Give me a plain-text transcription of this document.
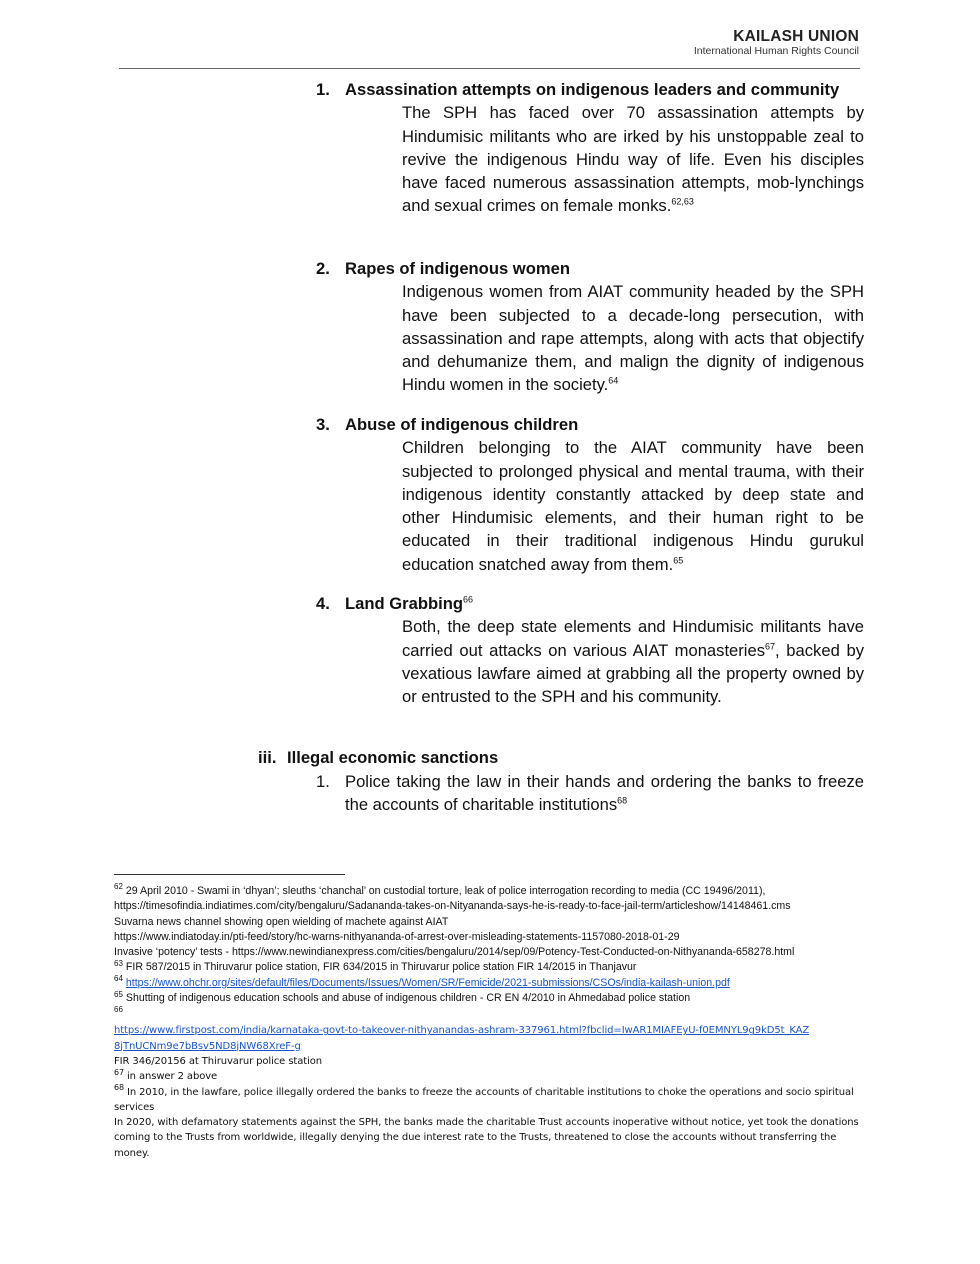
KAILASH UNION
International Human Rights Council
1. Assassination attempts on indigenous leaders and community

The SPH has faced over 70 assassination attempts by Hindumisic militants who are irked by his unstoppable zeal to revive the indigenous Hindu way of life. Even his disciples have faced numerous assassination attempts, mob-lynchings and sexual crimes on female monks.$^{62,63}$

2. Rapes of indigenous women

Indigenous women from AIAT community headed by the SPH have been subjected to a decade-long persecution, with assassination and rape attempts, along with acts that objectify and dehumanize them, and malign the dignity of indigenous Hindu women in the society.$^{64}$

3. Abuse of indigenous children

Children belonging to the AIAT community have been subjected to prolonged physical and mental trauma, with their indigenous identity constantly attacked by deep state and other Hindumisic elements, and their human right to be educated in their traditional indigenous Hindu gurukul education snatched away from them.$^{65}$

4. Land Grabbing$^{66}$

Both, the deep state elements and Hindumisic militants have carried out attacks on various AIAT monasteries$^{67}$, backed by vexatious lawfare aimed at grabbing all the property owned by or entrusted to the SPH and his community.

iii. Illegal economic sanctions
1. Police taking the law in their hands and ordering the banks to freeze the accounts of charitable institutions$^{68}$
$^{62}$ 29 April 2010 - Swami in ‘dhyan’; sleuths ‘chanchal’ on custodial torture, leak of police interrogation recording to media (CC 19496/2011),
https://timesofindia.indiatimes.com/city/bengaluru/Sadananda-takes-on-Nityananda-says-he-is-ready-to-face-jail-term/articleshow/14148461.cms
Suvarna news channel showing open wielding of machete against AIAT
https://www.indiatoday.in/pti-feed/story/hc-warns-nithyananda-of-arrest-over-misleading-statements-1157080-2018-01-29
Invasive ‘potency’ tests - https://www.newindianexpress.com/cities/bengaluru/2014/sep/09/Potency-Test-Conducted-on-Nithyananda-658278.html
$^{63}$ FIR 587/2015 in Thiruvarur police station, FIR 634/2015 in Thiruvarur police station FIR 14/2015 in Thanjavur
$^{64}$ https://www.ohchr.org/sites/default/files/Documents/Issues/Women/SR/Femicide/2021-submissions/CSOs/india-kailash-union.pdf
$^{65}$ Shutting of indigenous education schools and abuse of indigenous children - CR EN 4/2010 in Ahmedabad police station
$^{66}$
https://www.firstpost.com/india/karnataka-govt-to-takeover-nithyanandas-ashram-337961.html?fbclid=IwAR1MIAFEyU-f0EMNYL9g9kD5t_KAZ
8jTnUCNm9e7bBsv5ND8jNW68XreF-g
FIR 346/20156 at Thiruvarur police station
$^{67}$ in answer 2 above
$^{68}$ In 2010, in the lawfare, police illegally ordered the banks to freeze the accounts of charitable institutions to choke the operations and socio spiritual services
In 2020, with defamatory statements against the SPH, the banks made the charitable Trust accounts inoperative without notice, yet took the donations coming to the Trusts from worldwide, illegally denying the due interest rate to the Trusts, threatened to close the accounts without transferring the money.
